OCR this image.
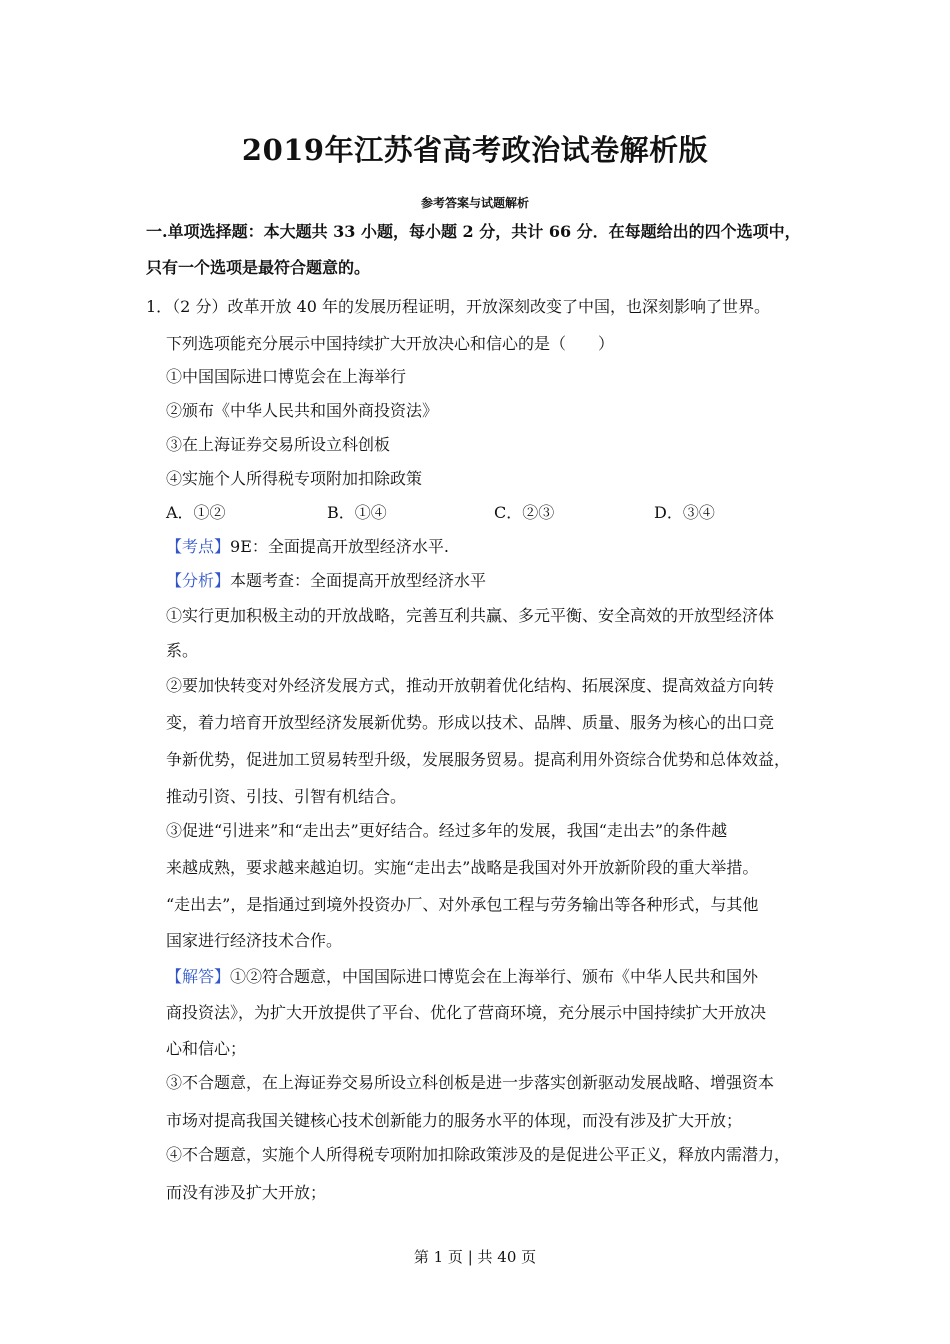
2019年江苏省高考政治试卷解析版
参考答案与试题解析
一.单项选择题：本大题共 33 小题，每小题 2 分，共计 66 分．在每题给出的四个选项中，
只有一个选项是最符合题意的。
1．（2 分）改革开放 40 年的发展历程证明，开放深刻改变了中国，也深刻影响了世界。
下列选项能充分展示中国持续扩大开放决心和信心的是（　　）
①中国国际进口博览会在上海举行
②颁布《中华人民共和国外商投资法》
③在上海证券交易所设立科创板
④实施个人所得税专项附加扣除政策
A．①②	B．①④	C．②③	D．③④
【考点】9E：全面提高开放型经济水平.
【分析】本题考查：全面提高开放型经济水平
①实行更加积极主动的开放战略，完善互利共赢、多元平衡、安全高效的开放型经济体
系。
②要加快转变对外经济发展方式，推动开放朝着优化结构、拓展深度、提高效益方向转
变，着力培育开放型经济发展新优势。形成以技术、品牌、质量、服务为核心的出口竞
争新优势，促进加工贸易转型升级，发展服务贸易。提高利用外资综合优势和总体效益，
推动引资、引技、引智有机结合。
③促进“引进来”和“走出去”更好结合。经过多年的发展，我国“走出去”的条件越
来越成熟，要求越来越迫切。实施“走出去”战略是我国对外开放新阶段的重大举措。
“走出去”，是指通过到境外投资办厂、对外承包工程与劳务输出等各种形式，与其他
国家进行经济技术合作。
【解答】①②符合题意，中国国际进口博览会在上海举行、颁布《中华人民共和国外
商投资法》，为扩大开放提供了平台、优化了营商环境，充分展示中国持续扩大开放决
心和信心；
③不合题意，在上海证券交易所设立科创板是进一步落实创新驱动发展战略、增强资本
市场对提高我国关键核心技术创新能力的服务水平的体现，而没有涉及扩大开放；
④不合题意，实施个人所得税专项附加扣除政策涉及的是促进公平正义，释放内需潜力，
而没有涉及扩大开放；
第 1 页 | 共 40 页
